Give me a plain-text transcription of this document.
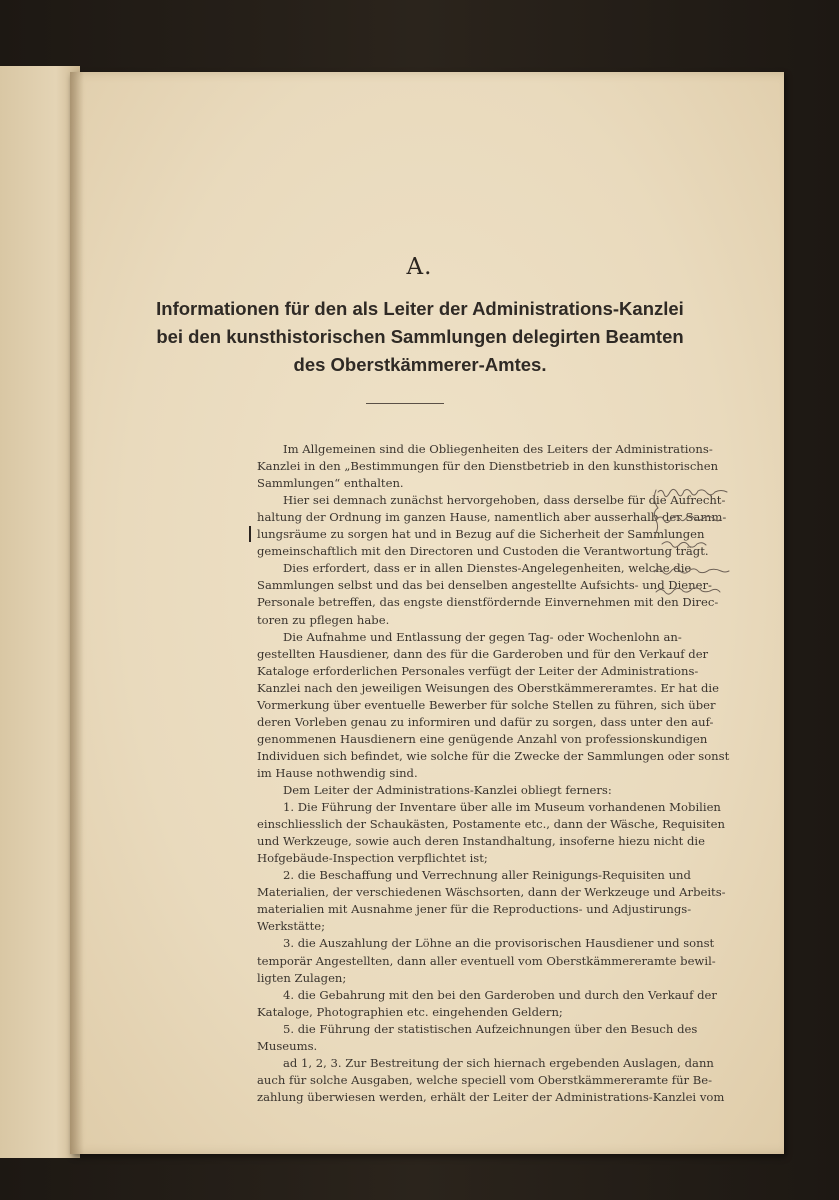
A.
Informationen für den als Leiter der Administrations-Kanzlei
bei den kunsthistorischen Sammlungen delegirten Beamten
des Oberstkämmerer-Amtes.
Im Allgemeinen sind die Obliegenheiten des Leiters der Administrations-
Kanzlei in den „Bestimmungen für den Dienstbetrieb in den kunsthistorischen
Sammlungen“ enthalten.
Hier sei demnach zunächst hervorgehoben, dass derselbe für die Aufrecht-
haltung der Ordnung im ganzen Hause, namentlich aber ausserhalb der Samm-
lungsräume zu sorgen hat und in Bezug auf die Sicherheit der Sammlungen
gemeinschaftlich mit den Directoren und Custoden die Verantwortung trägt.
Dies erfordert, dass er in allen Dienstes-Angelegenheiten, welche die
Sammlungen selbst und das bei denselben angestellte Aufsichts- und Diener-
Personale betreffen, das engste dienstfördernde Einvernehmen mit den Direc-
toren zu pflegen habe.
Die Aufnahme und Entlassung der gegen Tag- oder Wochenlohn an-
gestellten Hausdiener, dann des für die Garderoben und für den Verkauf der
Kataloge erforderlichen Personales verfügt der Leiter der Administrations-
Kanzlei nach den jeweiligen Weisungen des Oberstkämmereramtes. Er hat die
Vormerkung über eventuelle Bewerber für solche Stellen zu führen, sich über
deren Vorleben genau zu informiren und dafür zu sorgen, dass unter den auf-
genommenen Hausdienern eine genügende Anzahl von professionskundigen
Individuen sich befindet, wie solche für die Zwecke der Sammlungen oder sonst
im Hause nothwendig sind.
Dem Leiter der Administrations-Kanzlei obliegt ferners:
1. Die Führung der Inventare über alle im Museum vorhandenen Mobilien
einschliesslich der Schaukästen, Postamente etc., dann der Wäsche, Requisiten
und Werkzeuge, sowie auch deren Instandhaltung, insoferne hiezu nicht die
Hofgebäude-Inspection verpflichtet ist;
2. die Beschaffung und Verrechnung aller Reinigungs-Requisiten und
Materialien, der verschiedenen Wäschsorten, dann der Werkzeuge und Arbeits-
materialien mit Ausnahme jener für die Reproductions- und Adjustirungs-
Werkstätte;
3. die Auszahlung der Löhne an die provisorischen Hausdiener und sonst
temporär Angestellten, dann aller eventuell vom Oberstkämmereramte bewil-
ligten Zulagen;
4. die Gebahrung mit den bei den Garderoben und durch den Verkauf der
Kataloge, Photographien etc. eingehenden Geldern;
5. die Führung der statistischen Aufzeichnungen über den Besuch des
Museums.
ad 1, 2, 3. Zur Bestreitung der sich hiernach ergebenden Auslagen, dann
auch für solche Ausgaben, welche speciell vom Oberstkämmereramte für Be-
zahlung überwiesen werden, erhält der Leiter der Administrations-Kanzlei vom
